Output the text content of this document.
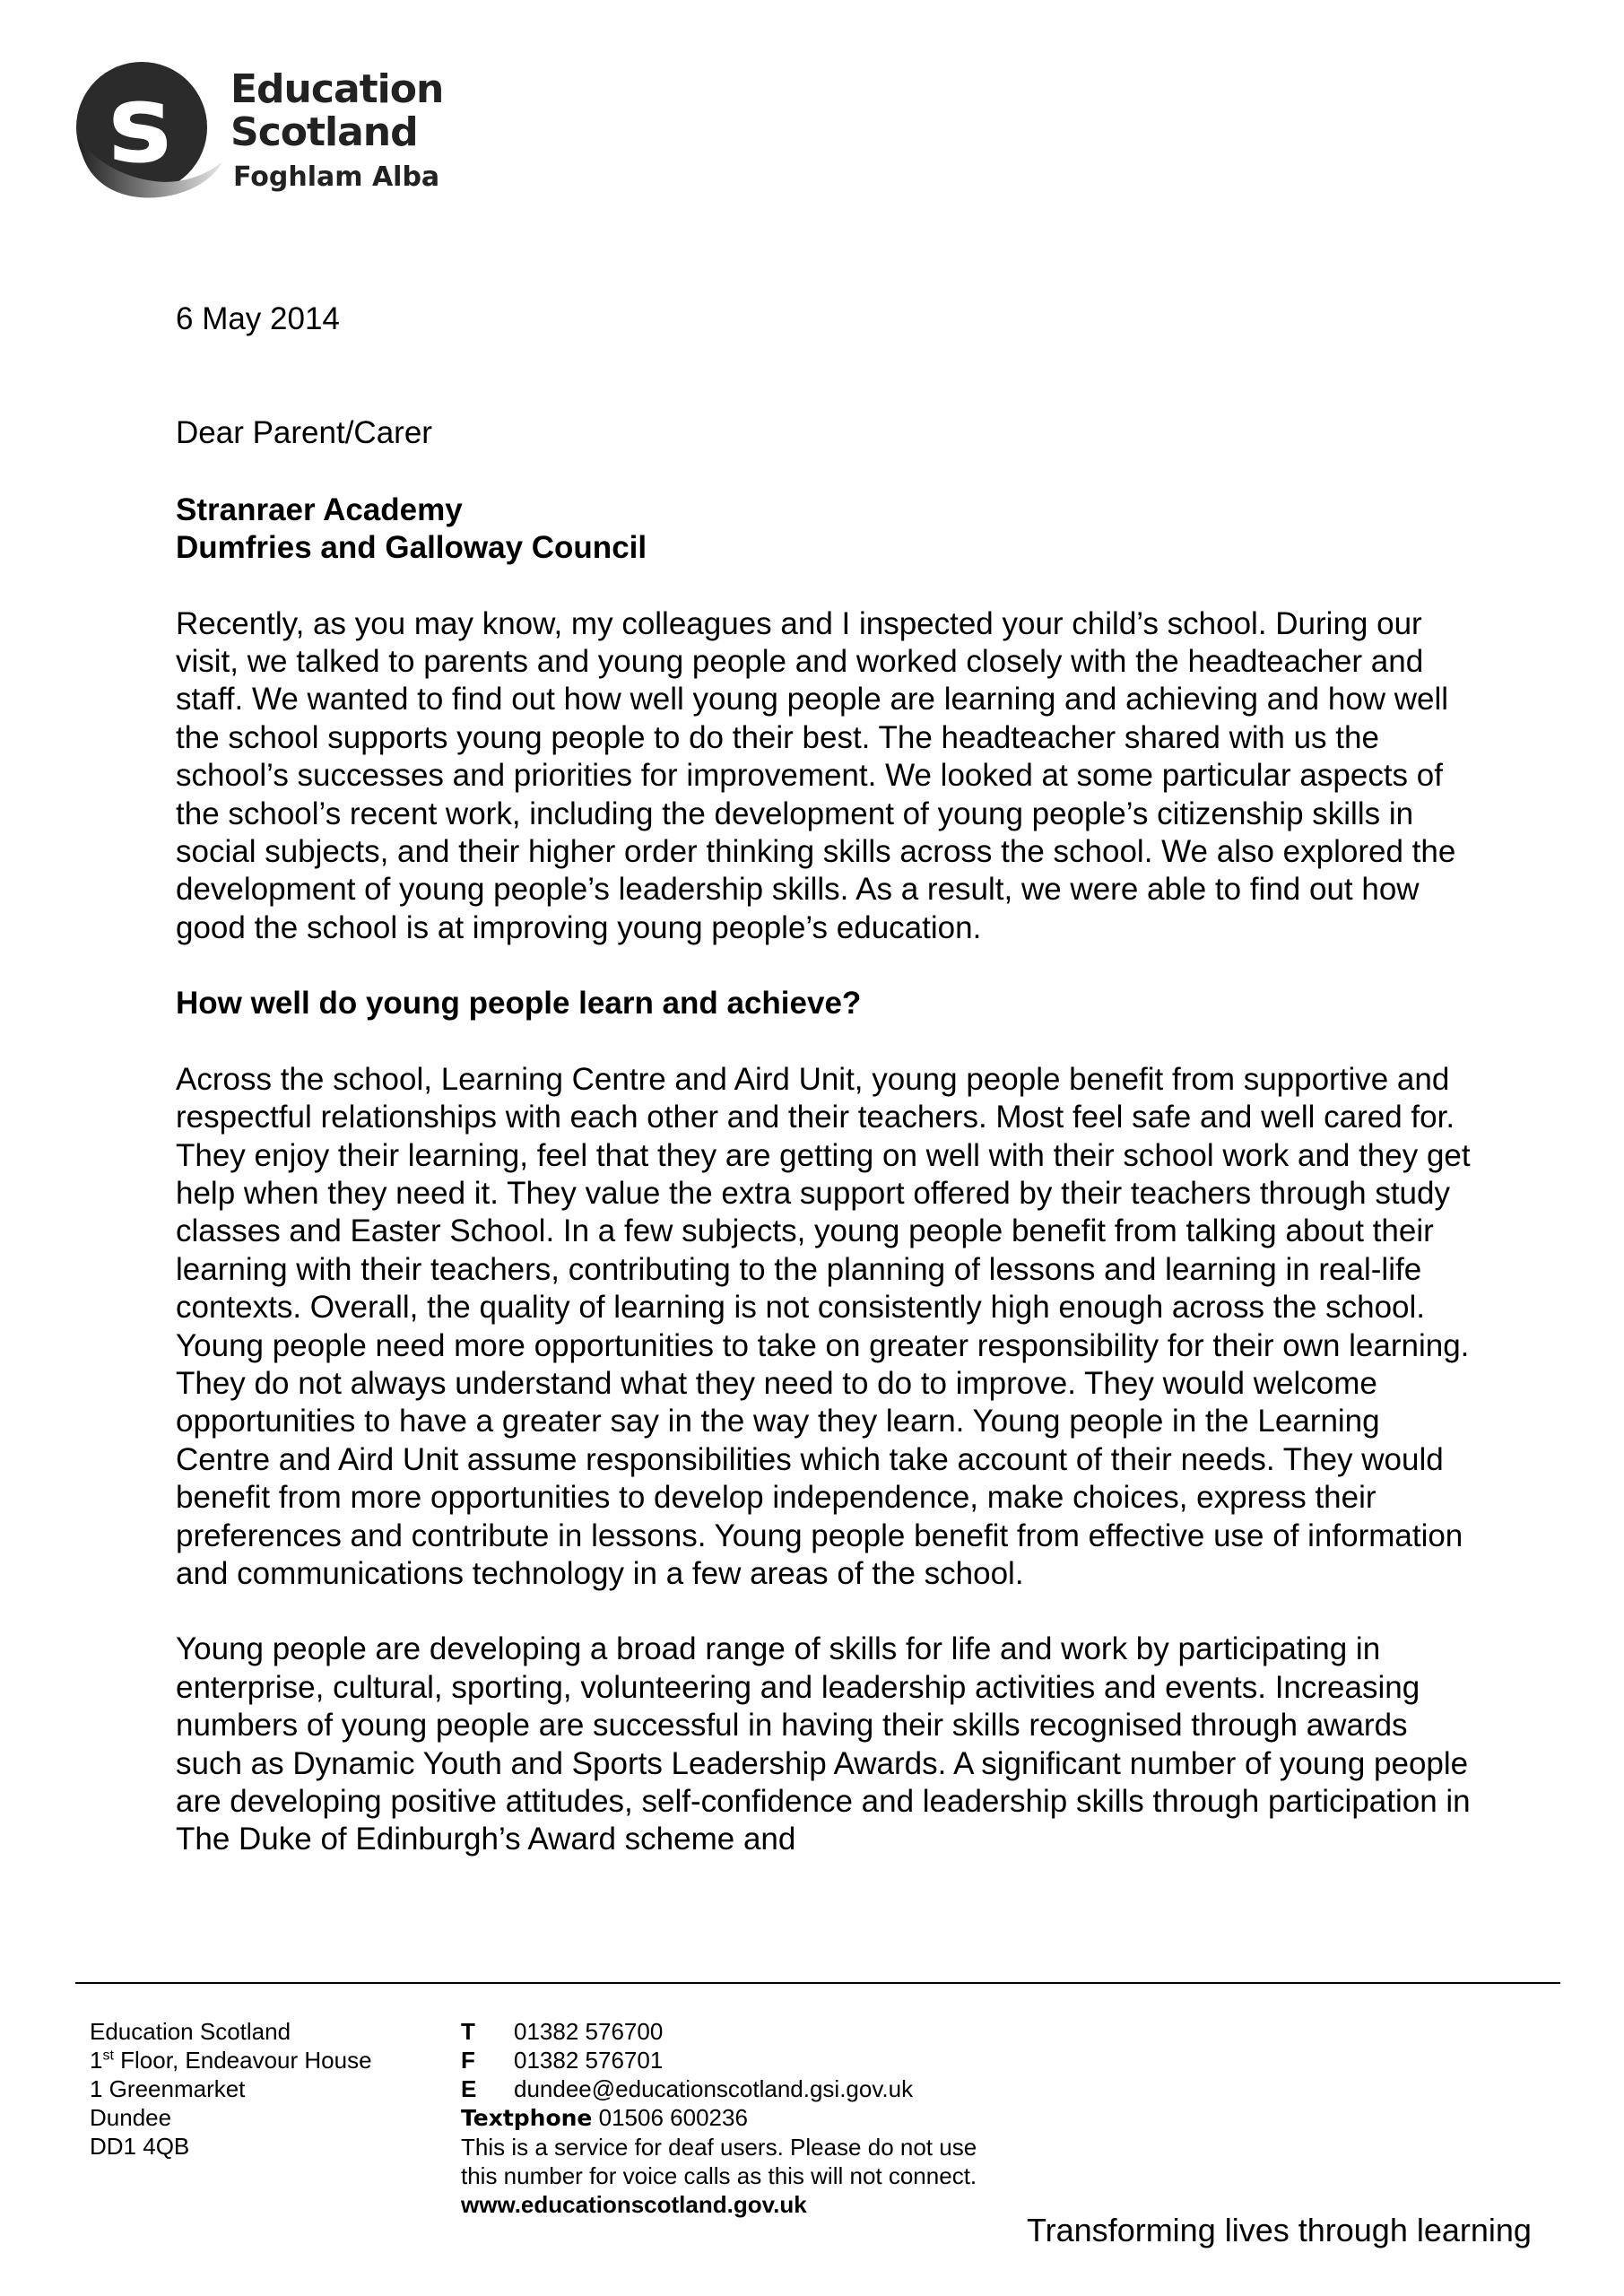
s Education
Scotland
Foghlam Alba

6 May 2014

Dear Parent/Carer

Stranraer Academy

Dumfries and Galloway Council

Recently, as you may know, my colleagues and I inspected your child’s school. During our visit, we talked to parents and young people and worked closely with the headteacher and staff. We wanted to find out how well young people are learning and achieving and how well the school supports young people to do their best. The headteacher shared with us the school’s successes and priorities for improvement. We looked at some particular aspects of the school’s recent work, including the development of young people’s citizenship skills in social subjects, and their higher order thinking skills across the school. We also explored the development of young people’s leadership skills. As a result, we were able to find out how good the school is at improving young people’s education.

How well do young people learn and achieve?

Across the school, Learning Centre and Aird Unit, young people benefit from supportive and respectful relationships with each other and their teachers. Most feel safe and well cared for. They enjoy their learning, feel that they are getting on well with their school work and they get help when they need it. They value the extra support offered by their teachers through study classes and Easter School. In a few subjects, young people benefit from talking about their learning with their teachers, contributing to the planning of lessons and learning in real-life contexts. Overall, the quality of learning is not consistently high enough across the school. Young people need more opportunities to take on greater responsibility for their own learning. They do not always understand what they need to do to improve. They would welcome opportunities to have a greater say in the way they learn. Young people in the Learning Centre and Aird Unit assume responsibilities which take account of their needs. They would benefit from more opportunities to develop independence, make choices, express their preferences and contribute in lessons. Young people benefit from effective use of information and communications technology in a few areas of the school.

Young people are developing a broad range of skills for life and work by participating in enterprise, cultural, sporting, volunteering and leadership activities and events. Increasing numbers of young people are successful in having their skills recognised through awards such as Dynamic Youth and Sports Leadership Awards. A significant number of young people are developing positive attitudes, self-confidence and leadership skills through participation in The Duke of Edinburgh’s Award scheme and

Education Scotland
1st Floor, Endeavour House
1 Greenmarket
Dundee
DD1 4QB
T 01382 576700
F 01382 576701
E dundee@educationscotland.gsi.gov.uk
Textphone 01506 600236
This is a service for deaf users. Please do not use this number for voice calls as this will not connect.
www.educationscotland.gov.uk
Transforming lives through learning
